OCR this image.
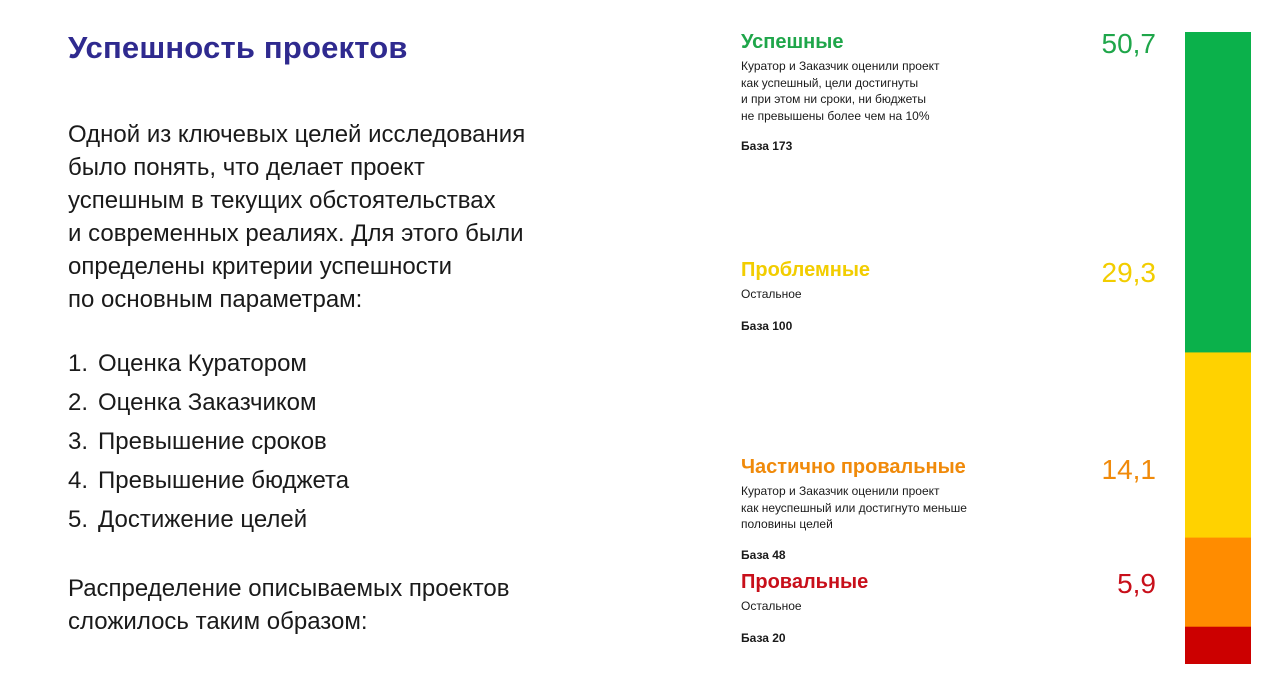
Успешность проектов

Одной из ключевых целей исследования
было понять, что делает проект
успешным в текущих обстоятельствах
и современных реалиях. Для этого были
определены критерии успешности
по основным параметрам:

1. Оценка Куратором
2. Оценка Заказчиком
3. Превышение сроков
4. Превышение бюджета
5. Достижение целей

Распределение описываемых проектов
сложилось таким образом:

Успешные

Куратор и Заказчик оценили проект
как успешный, цели достигнуты
и при этом ни сроки, ни бюджеты
не превышены более чем на 10%

База 173
50,7

Проблемные

Остальное

База 100
29,3

Частично провальные

Куратор и Заказчик оценили проект
как неуспешный или достигнуто меньше
половины целей

База 48
14,1

Провальные

Остальное

База 20
5,9
